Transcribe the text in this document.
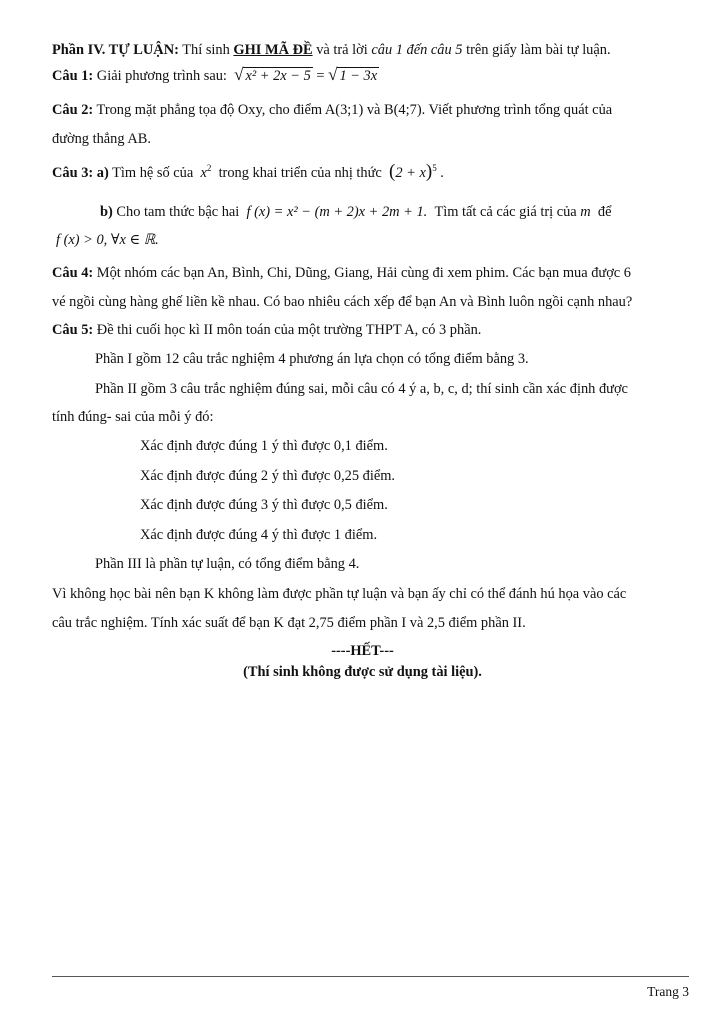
Phần IV. TỰ LUẬN: Thí sinh GHI MÃ ĐỀ và trả lời câu 1 đến câu 5 trên giấy làm bài tự luận.
Câu 1: Giải phương trình sau: √ x² + 2x − 5 = √ 1 − 3x
Câu 2: Trong mặt phẳng tọa độ Oxy, cho điểm A(3;1) và B(4;7). Viết phương trình tổng quát của
đường thẳng AB.
Câu 3: a) Tìm hệ số của $x^2$ trong khai triển của nhị thức $(2 + x)^5$ .
b) Cho tam thức bậc hai f (x) = x² − (m + 2)x + 2m + 1. Tìm tất cả các giá trị của m để
f (x) > 0, ∀x ∈ ℝ.
Câu 4: Một nhóm các bạn An, Bình, Chi, Dũng, Giang, Hải cùng đi xem phim. Các bạn mua được 6
vé ngồi cùng hàng ghế liền kề nhau. Có bao nhiêu cách xếp để bạn An và Bình luôn ngồi cạnh nhau?
Câu 5: Đề thi cuối học kì II môn toán của một trường THPT A, có 3 phần.
Phần I gồm 12 câu trắc nghiệm 4 phương án lựa chọn có tổng điểm bằng 3.
Phần II gồm 3 câu trắc nghiệm đúng sai, mỗi câu có 4 ý a, b, c, d; thí sinh cần xác định được
tính đúng- sai của mỗi ý đó:
Xác định được đúng 1 ý thì được 0,1 điểm.
Xác định được đúng 2 ý thì được 0,25 điểm.
Xác định được đúng 3 ý thì được 0,5 điểm.
Xác định được đúng 4 ý thì được 1 điểm.
Phần III là phần tự luận, có tổng điểm bằng 4.
Vì không học bài nên bạn K không làm được phần tự luận và bạn ấy chỉ có thể đánh hú họa vào các
câu trắc nghiệm. Tính xác suất để bạn K đạt 2,75 điểm phần I và 2,5 điểm phần II.
----HẾT---
(Thí sinh không được sử dụng tài liệu).
Trang 3
